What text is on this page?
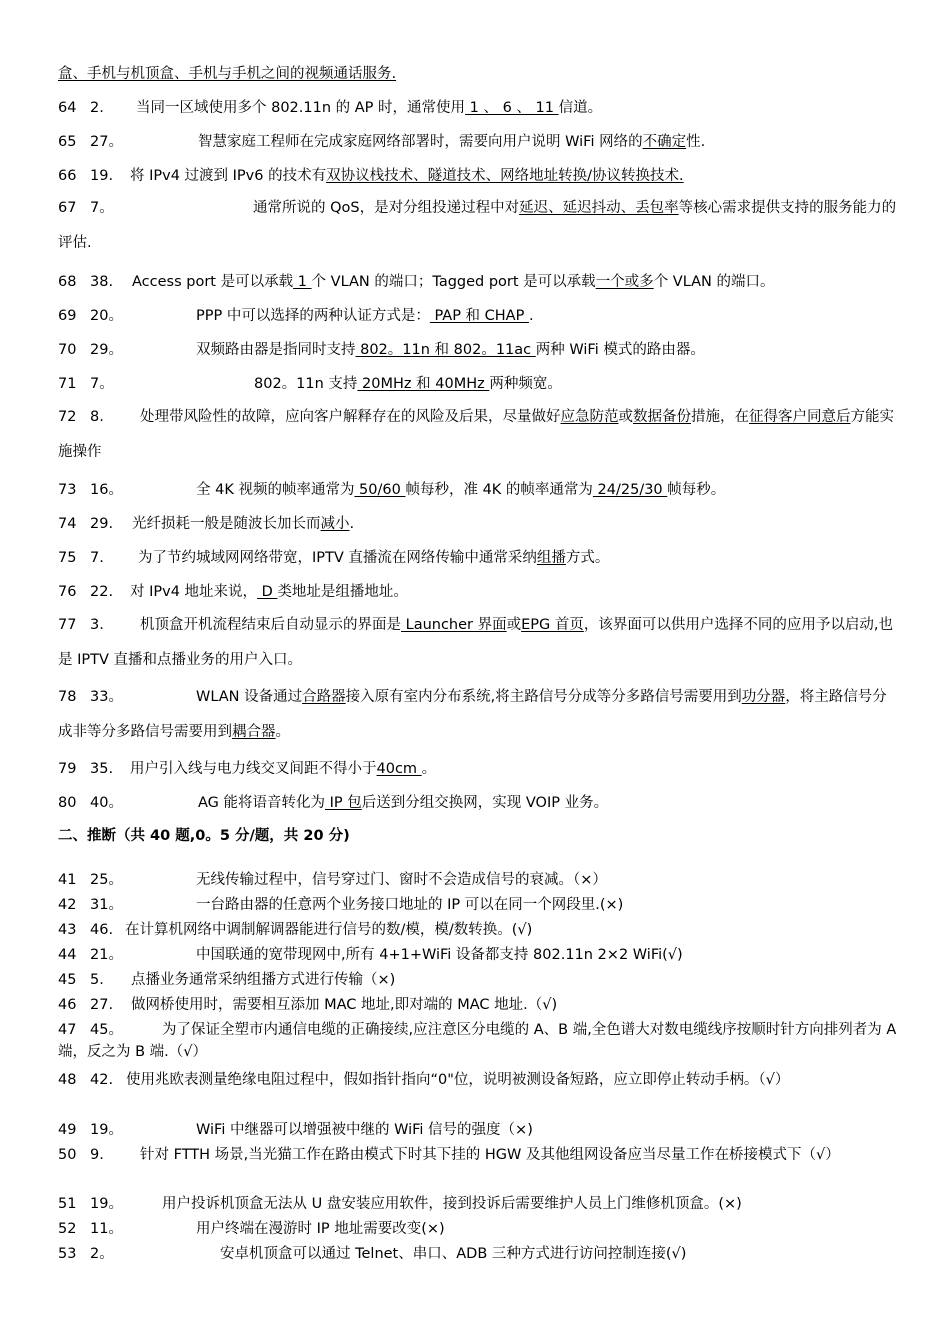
盒、手机与机顶盒、手机与手机之间的视频通话服务.
64 2. 当同一区域使用多个 802.11n 的 AP 时，通常使用 1 、 6 、 11 信道。
65 27。	智慧家庭工程师在完成家庭网络部署时，需要向用户说明 WiFi 网络的不确定性.
66 19. 将 IPv4 过渡到 IPv6 的技术有双协议栈技术、隧道技术、网络地址转换/协议转换技术.
67 7。	通常所说的 QoS，是对分组投递过程中对延迟、延迟抖动、丢包率等核心需求提供支持的服务能力的评估.
68 38. Access port 是可以承载 1 个 VLAN 的端口；Tagged port 是可以承载一个或多个 VLAN 的端口。
69 20。	PPP 中可以选择的两种认证方式是： PAP 和 CHAP .
70 29。	双频路由器是指同时支持 802。11n 和 802。11ac 两种 WiFi 模式的路由器。
71 7。	802。11n 支持 20MHz 和 40MHz 两种频宽。
72 8. 处理带风险性的故障，应向客户解释存在的风险及后果，尽量做好应急防范或数据备份措施，在征得客户同意后方能实施操作
73 16。	全 4K 视频的帧率通常为 50/60 帧每秒，准 4K 的帧率通常为 24/25/30 帧每秒。
74 29. 光纤损耗一般是随波长加长而减小.
75 7. 为了节约城域网网络带宽，IPTV 直播流在网络传输中通常采纳组播方式。
76 22. 对 IPv4 地址来说， D 类地址是组播地址。
77 3. 机顶盒开机流程结束后自动显示的界面是 Launcher 界面或EPG 首页，该界面可以供用户选择不同的应用予以启动,也是 IPTV 直播和点播业务的用户入口。
78 33。	WLAN 设备通过合路器接入原有室内分布系统,将主路信号分成等分多路信号需要用到功分器，将主路信号分成非等分多路信号需要用到耦合器。
79 35. 用户引入线与电力线交叉间距不得小于40cm 。
80 40。	AG 能将语音转化为 IP 包后送到分组交换网，实现 VOIP 业务。
二、推断（共 40 题,0。5 分/题，共 20 分)
41 25。	无线传输过程中，信号穿过门、窗时不会造成信号的衰减。（×）
42 31。	一台路由器的任意两个业务接口地址的 IP 可以在同一个网段里.(×)
43 46. 在计算机网络中调制解调器能进行信号的数/模，模/数转换。(√)
44 21。	中国联通的宽带现网中,所有 4+1+WiFi 设备都支持 802.11n 2×2 WiFi(√)
45 5. 点播业务通常采纳组播方式进行传输（×)
46 27. 做网桥使用时，需要相互添加 MAC 地址,即对端的 MAC 地址.（√)
47 45。	为了保证全塑市内通信电缆的正确接续,应注意区分电缆的 A、B 端,全色谱大对数电缆线序按顺时针方向排列者为 A 端，反之为 B 端.（√）
48 42. 使用兆欧表测量绝缘电阻过程中，假如指针指向“0"位，说明被测设备短路，应立即停止转动手柄。（√）
49 19。	WiFi 中继器可以增强被中继的 WiFi 信号的强度（×)
50 9. 针对 FTTH 场景,当光猫工作在路由模式下时其下挂的 HGW 及其他组网设备应当尽量工作在桥接模式下（√）
51 19。	用户投诉机顶盒无法从 U 盘安装应用软件，接到投诉后需要维护人员上门维修机顶盒。(×)
52 11。	用户终端在漫游时 IP 地址需要改变(×)
53 2。	安卓机顶盒可以通过 Telnet、串口、ADB 三种方式进行访问控制连接(√)
